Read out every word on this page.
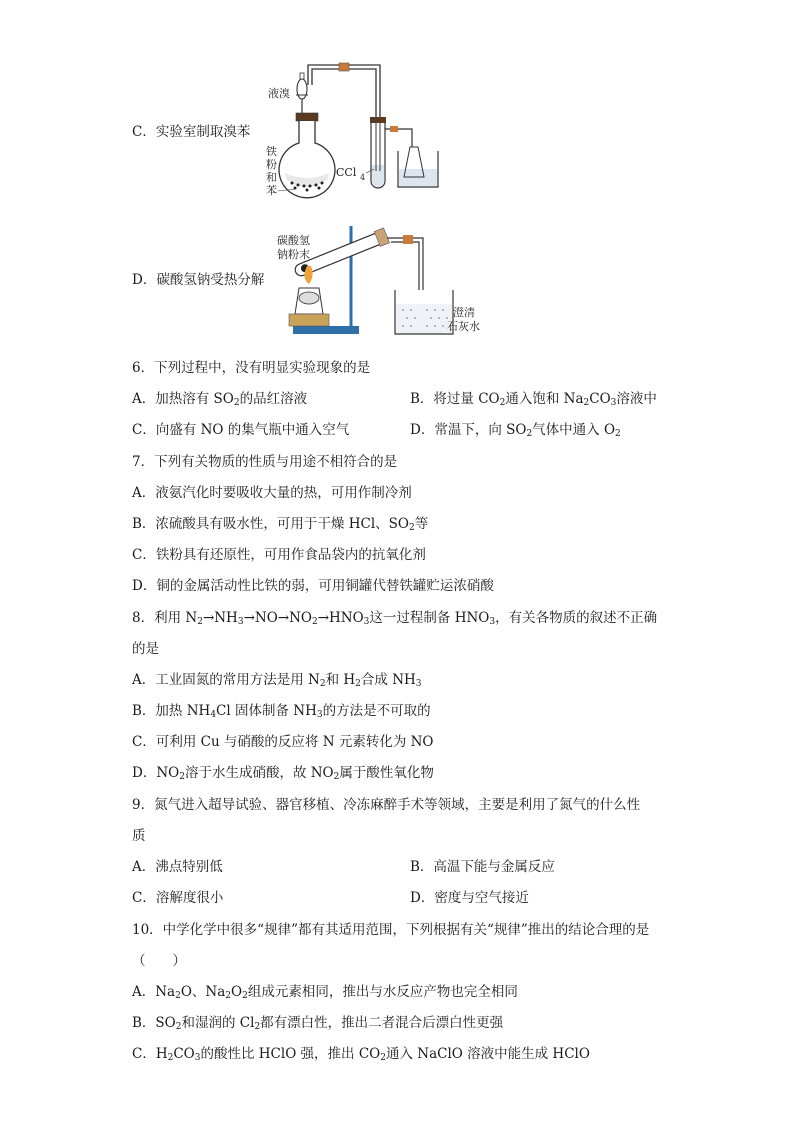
C．实验室制取溴苯
液溴
铁
粉
和
苯
CCl 4
D．碳酸氢钠受热分解
碳酸氢
钠粉末
澄清
石灰水
6．下列过程中，没有明显实验现象的是
A．加热溶有 $SO_2$的品红溶液	B．将过量 $CO_2$通入饱和 $Na_2CO_3$溶液中
C．向盛有 NO 的集气瓶中通入空气	D．常温下，向 $SO_2$气体中通入 $O_2$
7．下列有关物质的性质与用途不相符合的是
A．液氨汽化时要吸收大量的热，可用作制冷剂
B．浓硫酸具有吸水性，可用于干燥 HCl、$SO_2$等
C．铁粉具有还原性，可用作食品袋内的抗氧化剂
D．铜的金属活动性比铁的弱，可用铜罐代替铁罐贮运浓硝酸
8．利用 $N_2\to NH_3\to NO\to NO_2\to HNO_3$这一过程制备 $HNO_3$，有关各物质的叙述不正确
的是
A．工业固氮的常用方法是用 $N_2$和 $H_2$合成 $NH_3$
B．加热 $NH_4Cl$ 固体制备 $NH_3$的方法是不可取的
C．可利用 Cu 与硝酸的反应将 N 元素转化为 NO
D．$NO_2$溶于水生成硝酸，故 $NO_2$属于酸性氧化物
9．氮气进入超导试验、器官移植、冷冻麻醉手术等领域，主要是利用了氮气的什么性
质
A．沸点特别低	B．高温下能与金属反应
C．溶解度很小	D．密度与空气接近
10．中学化学中很多“规律”都有其适用范围，下列根据有关“规律”推出的结论合理的是
（　　）
A．$Na_2O$、$Na_2O_2$组成元素相同，推出与水反应产物也完全相同
B．$SO_2$和湿润的 $Cl_2$都有漂白性，推出二者混合后漂白性更强
C．$H_2CO_3$的酸性比 HClO 强，推出 $CO_2$通入 NaClO 溶液中能生成 HClO
